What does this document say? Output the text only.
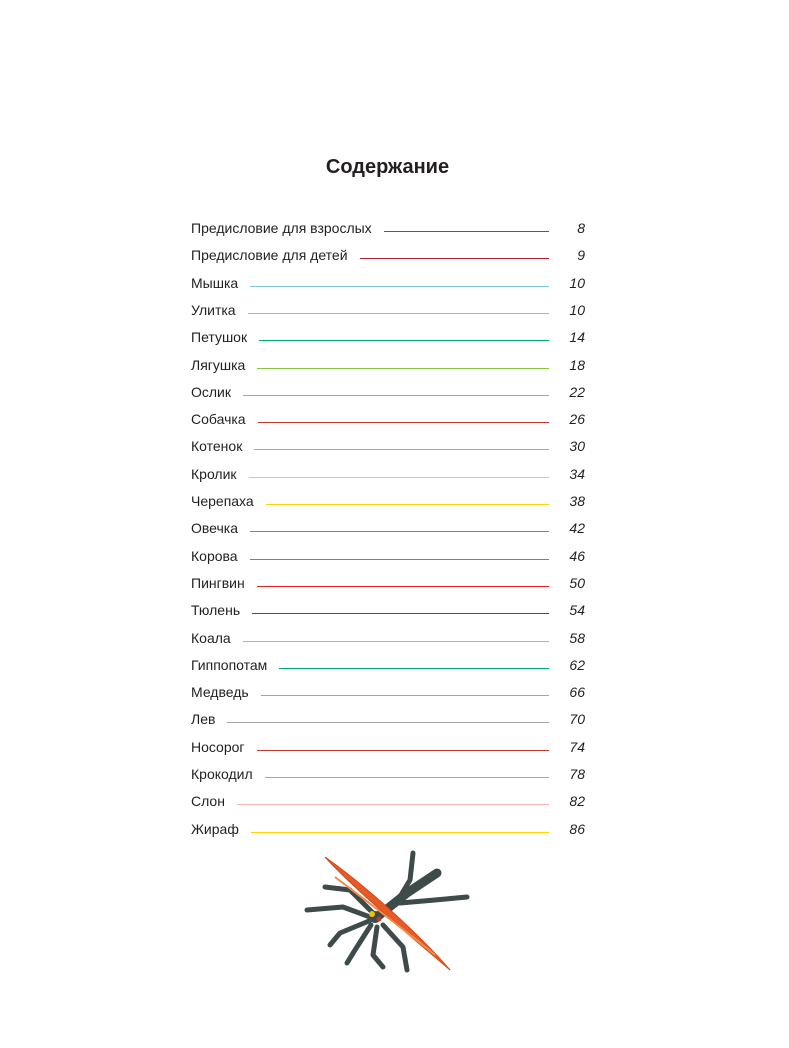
Содержание
Предисловие для взрослых	8
Предисловие для детей	9
Мышка	10
Улитка	10
Петушок	14
Лягушка	18
Ослик	22
Собачка	26
Котенок	30
Кролик	34
Черепаха	38
Овечка	42
Корова	46
Пингвин	50
Тюлень	54
Коала	58
Гиппопотам	62
Медведь	66
Лев	70
Носорог	74
Крокодил	78
Слон	82
Жираф	86
